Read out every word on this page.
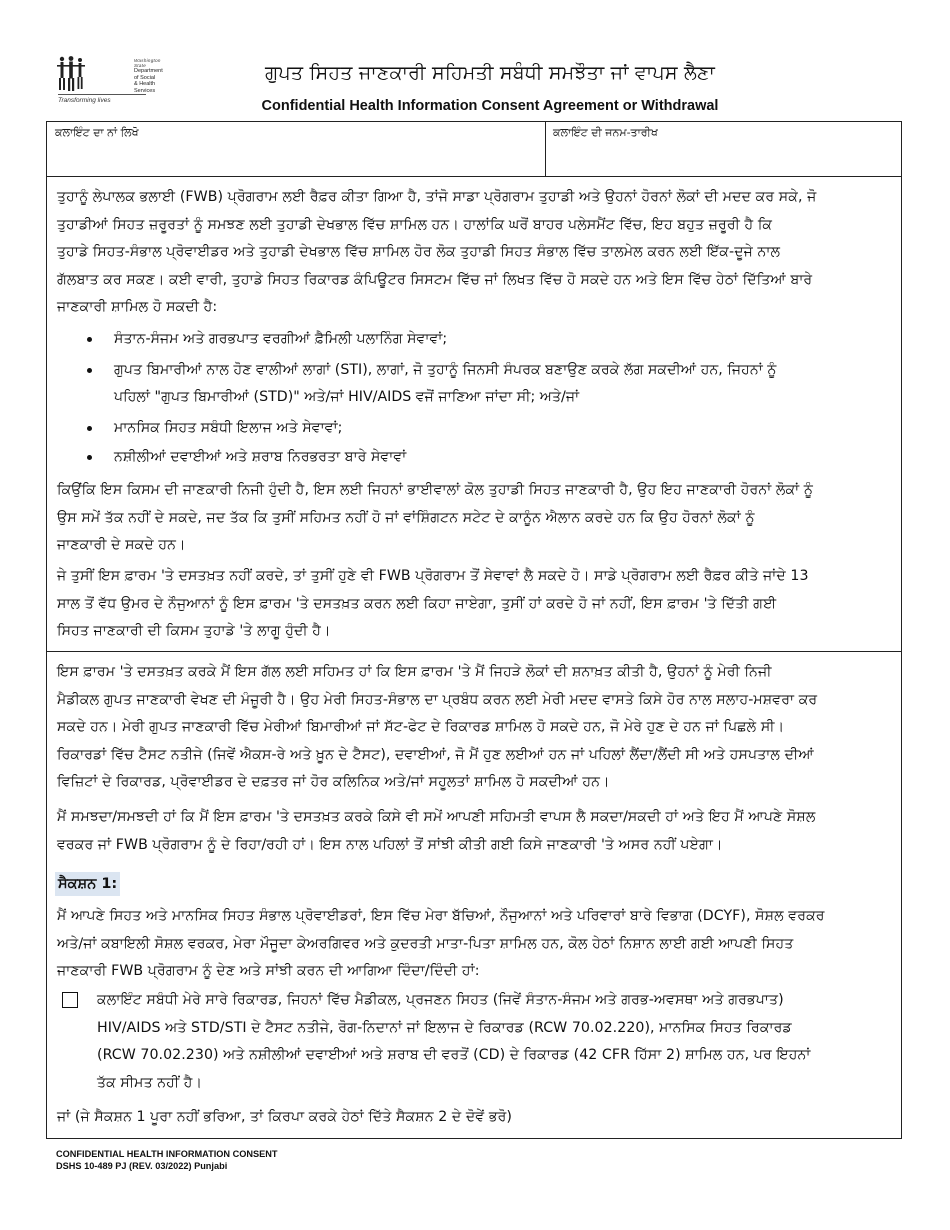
Washington State
Department of Social
& Health Services
Transforming lives
ਗੁਪਤ ਸਿਹਤ ਜਾਣਕਾਰੀ ਸਹਿਮਤੀ ਸਬੰਧੀ ਸਮਝੌਤਾ ਜਾਂ ਵਾਪਸ ਲੈਣਾ
Confidential Health Information Consent Agreement or Withdrawal
ਕਲਾਇੰਟ ਦਾ ਨਾਂ ਲਿਖੋ	ਕਲਾਇੰਟ ਦੀ ਜਨਮ-ਤਾਰੀਖ

ਤੁਹਾਨੂੰ ਲੇਪਾਲਕ ਭਲਾਈ (FWB) ਪ੍ਰੋਗਰਾਮ ਲਈ ਰੈਫ਼ਰ ਕੀਤਾ ਗਿਆ ਹੈ, ਤਾਂਜੋ ਸਾਡਾ ਪ੍ਰੋਗਰਾਮ ਤੁਹਾਡੀ ਅਤੇ ਉਹਨਾਂ ਹੋਰਨਾਂ ਲੋਕਾਂ ਦੀ ਮਦਦ ਕਰ ਸਕੇ, ਜੋ

ਤੁਹਾਡੀਆਂ ਸਿਹਤ ਜ਼ਰੂਰਤਾਂ ਨੂੰ ਸਮਝਣ ਲਈ ਤੁਹਾਡੀ ਦੇਖਭਾਲ ਵਿੱਚ ਸ਼ਾਮਿਲ ਹਨ। ਹਾਲਾਂਕਿ ਘਰੋਂ ਬਾਹਰ ਪਲੇਸਮੈਂਟ ਵਿੱਚ, ਇਹ ਬਹੁਤ ਜ਼ਰੂਰੀ ਹੈ ਕਿ

ਤੁਹਾਡੇ ਸਿਹਤ-ਸੰਭਾਲ ਪ੍ਰੋਵਾਈਡਰ ਅਤੇ ਤੁਹਾਡੀ ਦੇਖਭਾਲ ਵਿੱਚ ਸ਼ਾਮਿਲ ਹੋਰ ਲੋਕ ਤੁਹਾਡੀ ਸਿਹਤ ਸੰਭਾਲ ਵਿੱਚ ਤਾਲਮੇਲ ਕਰਨ ਲਈ ਇੱਕ-ਦੂਜੇ ਨਾਲ

ਗੱਲਬਾਤ ਕਰ ਸਕਣ। ਕਈ ਵਾਰੀ, ਤੁਹਾਡੇ ਸਿਹਤ ਰਿਕਾਰਡ ਕੰਪਿਊਟਰ ਸਿਸਟਮ ਵਿੱਚ ਜਾਂ ਲਿਖਤ ਵਿੱਚ ਹੋ ਸਕਦੇ ਹਨ ਅਤੇ ਇਸ ਵਿੱਚ ਹੇਠਾਂ ਦਿੱਤਿਆਂ ਬਾਰੇ

ਜਾਣਕਾਰੀ ਸ਼ਾਮਿਲ ਹੋ ਸਕਦੀ ਹੈ:

ਸੰਤਾਨ-ਸੰਜਮ ਅਤੇ ਗਰਭਪਾਤ ਵਰਗੀਆਂ ਫ਼ੈਮਿਲੀ ਪਲਾਨਿੰਗ ਸੇਵਾਵਾਂ;
ਗੁਪਤ ਬਿਮਾਰੀਆਂ ਨਾਲ ਹੋਣ ਵਾਲੀਆਂ ਲਾਗਾਂ (STI), ਲਾਗਾਂ, ਜੋ ਤੁਹਾਨੂੰ ਜਿਨਸੀ ਸੰਪਰਕ ਬਣਾਉਣ ਕਰਕੇ ਲੱਗ ਸਕਦੀਆਂ ਹਨ, ਜਿਹਨਾਂ ਨੂੰ
ਪਹਿਲਾਂ "ਗੁਪਤ ਬਿਮਾਰੀਆਂ (STD)" ਅਤੇ/ਜਾਂ HIV/AIDS ਵਜੋਂ ਜਾਣਿਆ ਜਾਂਦਾ ਸੀ; ਅਤੇ/ਜਾਂ
ਮਾਨਸਿਕ ਸਿਹਤ ਸਬੰਧੀ ਇਲਾਜ ਅਤੇ ਸੇਵਾਵਾਂ;
ਨਸ਼ੀਲੀਆਂ ਦਵਾਈਆਂ ਅਤੇ ਸ਼ਰਾਬ ਨਿਰਭਰਤਾ ਬਾਰੇ ਸੇਵਾਵਾਂ

ਕਿਉਂਕਿ ਇਸ ਕਿਸਮ ਦੀ ਜਾਣਕਾਰੀ ਨਿਜੀ ਹੁੰਦੀ ਹੈ, ਇਸ ਲਈ ਜਿਹਨਾਂ ਭਾਈਵਾਲਾਂ ਕੋਲ ਤੁਹਾਡੀ ਸਿਹਤ ਜਾਣਕਾਰੀ ਹੈ, ਉਹ ਇਹ ਜਾਣਕਾਰੀ ਹੋਰਨਾਂ ਲੋਕਾਂ ਨੂੰ

ਉਸ ਸਮੇਂ ਤੱਕ ਨਹੀਂ ਦੇ ਸਕਦੇ, ਜਦ ਤੱਕ ਕਿ ਤੁਸੀਂ ਸਹਿਮਤ ਨਹੀਂ ਹੋ ਜਾਂ ਵਾਂਸ਼ਿੰਗਟਨ ਸਟੇਟ ਦੇ ਕਾਨੂੰਨ ਐਲਾਨ ਕਰਦੇ ਹਨ ਕਿ ਉਹ ਹੋਰਨਾਂ ਲੋਕਾਂ ਨੂੰ

ਜਾਣਕਾਰੀ ਦੇ ਸਕਦੇ ਹਨ।

ਜੇ ਤੁਸੀਂ ਇਸ ਫ਼ਾਰਮ 'ਤੇ ਦਸਤਖ਼ਤ ਨਹੀਂ ਕਰਦੇ, ਤਾਂ ਤੁਸੀਂ ਹੁਣੇ ਵੀ FWB ਪ੍ਰੋਗਰਾਮ ਤੋਂ ਸੇਵਾਵਾਂ ਲੈ ਸਕਦੇ ਹੋ। ਸਾਡੇ ਪ੍ਰੋਗਰਾਮ ਲਈ ਰੈਫ਼ਰ ਕੀਤੇ ਜਾਂਦੇ 13

ਸਾਲ ਤੋਂ ਵੱਧ ਉਮਰ ਦੇ ਨੌਜੁਆਨਾਂ ਨੂੰ ਇਸ ਫ਼ਾਰਮ 'ਤੇ ਦਸਤਖ਼ਤ ਕਰਨ ਲਈ ਕਿਹਾ ਜਾਏਗਾ, ਤੁਸੀਂ ਹਾਂ ਕਰਦੇ ਹੋ ਜਾਂ ਨਹੀਂ, ਇਸ ਫ਼ਾਰਮ 'ਤੇ ਦਿੱਤੀ ਗਈ

ਸਿਹਤ ਜਾਣਕਾਰੀ ਦੀ ਕਿਸਮ ਤੁਹਾਡੇ 'ਤੇ ਲਾਗੂ ਹੁੰਦੀ ਹੈ।

ਇਸ ਫ਼ਾਰਮ 'ਤੇ ਦਸਤਖ਼ਤ ਕਰਕੇ ਮੈਂ ਇਸ ਗੱਲ ਲਈ ਸਹਿਮਤ ਹਾਂ ਕਿ ਇਸ ਫ਼ਾਰਮ 'ਤੇ ਮੈਂ ਜਿਹੜੇ ਲੋਕਾਂ ਦੀ ਸ਼ਨਾਖ਼ਤ ਕੀਤੀ ਹੈ, ਉਹਨਾਂ ਨੂੰ ਮੇਰੀ ਨਿਜੀ

ਮੈਡੀਕਲ ਗੁਪਤ ਜਾਣਕਾਰੀ ਵੇਖਣ ਦੀ ਮੰਜ਼ੂਰੀ ਹੈ। ਉਹ ਮੇਰੀ ਸਿਹਤ-ਸੰਭਾਲ ਦਾ ਪ੍ਰਬੰਧ ਕਰਨ ਲਈ ਮੇਰੀ ਮਦਦ ਵਾਸਤੇ ਕਿਸੇ ਹੋਰ ਨਾਲ ਸਲਾਹ-ਮਸ਼ਵਰਾ ਕਰ

ਸਕਦੇ ਹਨ। ਮੇਰੀ ਗੁਪਤ ਜਾਣਕਾਰੀ ਵਿੱਚ ਮੇਰੀਆਂ ਬਿਮਾਰੀਆਂ ਜਾਂ ਸੱਟ-ਫੇਟ ਦੇ ਰਿਕਾਰਡ ਸ਼ਾਮਿਲ ਹੋ ਸਕਦੇ ਹਨ, ਜੋ ਮੇਰੇ ਹੁਣ ਦੇ ਹਨ ਜਾਂ ਪਿਛਲੇ ਸੀ।

ਰਿਕਾਰਡਾਂ ਵਿੱਚ ਟੈਸਟ ਨਤੀਜੇ (ਜਿਵੇਂ ਐਕਸ-ਰੇ ਅਤੇ ਖ਼ੂਨ ਦੇ ਟੈਸਟ), ਦਵਾਈਆਂ, ਜੋ ਮੈਂ ਹੁਣ ਲਈਆਂ ਹਨ ਜਾਂ ਪਹਿਲਾਂ ਲੈਂਦਾ/ਲੈਂਦੀ ਸੀ ਅਤੇ ਹਸਪਤਾਲ ਦੀਆਂ

ਵਿਜ਼ਿਟਾਂ ਦੇ ਰਿਕਾਰਡ, ਪ੍ਰੋਵਾਈਡਰ ਦੇ ਦਫ਼ਤਰ ਜਾਂ ਹੋਰ ਕਲਿਨਿਕ ਅਤੇ/ਜਾਂ ਸਹੂਲਤਾਂ ਸ਼ਾਮਿਲ ਹੋ ਸਕਦੀਆਂ ਹਨ।

ਮੈਂ ਸਮਝਦਾ/ਸਮਝਦੀ ਹਾਂ ਕਿ ਮੈਂ ਇਸ ਫ਼ਾਰਮ 'ਤੇ ਦਸਤਖ਼ਤ ਕਰਕੇ ਕਿਸੇ ਵੀ ਸਮੇਂ ਆਪਣੀ ਸਹਿਮਤੀ ਵਾਪਸ ਲੈ ਸਕਦਾ/ਸਕਦੀ ਹਾਂ ਅਤੇ ਇਹ ਮੈਂ ਆਪਣੇ ਸੋਸ਼ਲ

ਵਰਕਰ ਜਾਂ FWB ਪ੍ਰੋਗਰਾਮ ਨੂੰ ਦੇ ਰਿਹਾ/ਰਹੀ ਹਾਂ। ਇਸ ਨਾਲ ਪਹਿਲਾਂ ਤੋਂ ਸਾਂਝੀ ਕੀਤੀ ਗਈ ਕਿਸੇ ਜਾਣਕਾਰੀ 'ਤੇ ਅਸਰ ਨਹੀਂ ਪਏਗਾ।

ਸੈਕਸ਼ਨ 1:

ਮੈਂ ਆਪਣੇ ਸਿਹਤ ਅਤੇ ਮਾਨਸਿਕ ਸਿਹਤ ਸੰਭਾਲ ਪ੍ਰੋਵਾਈਡਰਾਂ, ਇਸ ਵਿੱਚ ਮੇਰਾ ਬੱਚਿਆਂ, ਨੌਜੁਆਨਾਂ ਅਤੇ ਪਰਿਵਾਰਾਂ ਬਾਰੇ ਵਿਭਾਗ (DCYF), ਸੋਸ਼ਲ ਵਰਕਰ

ਅਤੇ/ਜਾਂ ਕਬਾਇਲੀ ਸੋਸ਼ਲ ਵਰਕਰ, ਮੇਰਾ ਮੌਜੂਦਾ ਕੇਅਰਗਿਵਰ ਅਤੇ ਕੁਦਰਤੀ ਮਾਤਾ-ਪਿਤਾ ਸ਼ਾਮਿਲ ਹਨ, ਕੋਲ ਹੇਠਾਂ ਨਿਸ਼ਾਨ ਲਾਈ ਗਈ ਆਪਣੀ ਸਿਹਤ

ਜਾਣਕਾਰੀ FWB ਪ੍ਰੋਗਰਾਮ ਨੂੰ ਦੇਣ ਅਤੇ ਸਾਂਝੀ ਕਰਨ ਦੀ ਆਗਿਆ ਦਿੰਦਾ/ਦਿੰਦੀ ਹਾਂ:

ਕਲਾਇੰਟ ਸਬੰਧੀ ਮੇਰੇ ਸਾਰੇ ਰਿਕਾਰਡ, ਜਿਹਨਾਂ ਵਿੱਚ ਮੈਡੀਕਲ, ਪ੍ਰਜਣਨ ਸਿਹਤ (ਜਿਵੇਂ ਸੰਤਾਨ-ਸੰਜਮ ਅਤੇ ਗਰਭ-ਅਵਸਥਾ ਅਤੇ ਗਰਭਪਾਤ)

HIV/AIDS ਅਤੇ STD/STI ਦੇ ਟੈਸਟ ਨਤੀਜੇ, ਰੋਗ-ਨਿਦਾਨਾਂ ਜਾਂ ਇਲਾਜ ਦੇ ਰਿਕਾਰਡ (RCW 70.02.220), ਮਾਨਸਿਕ ਸਿਹਤ ਰਿਕਾਰਡ

(RCW 70.02.230) ਅਤੇ ਨਸ਼ੀਲੀਆਂ ਦਵਾਈਆਂ ਅਤੇ ਸ਼ਰਾਬ ਦੀ ਵਰਤੋਂ (CD) ਦੇ ਰਿਕਾਰਡ (42 CFR ਹਿੱਸਾ 2) ਸ਼ਾਮਿਲ ਹਨ, ਪਰ ਇਹਨਾਂ

ਤੱਕ ਸੀਮਤ ਨਹੀਂ ਹੈ।

ਜਾਂ (ਜੇ ਸੈਕਸ਼ਨ 1 ਪੂਰਾ ਨਹੀਂ ਭਰਿਆ, ਤਾਂ ਕਿਰਪਾ ਕਰਕੇ ਹੇਠਾਂ ਦਿੱਤੇ ਸੈਕਸ਼ਨ 2 ਦੇ ਦੋਵੇਂ ਭਰੋ)

CONFIDENTIAL HEALTH INFORMATION CONSENT
DSHS 10-489 PJ (REV. 03/2022) Punjabi
